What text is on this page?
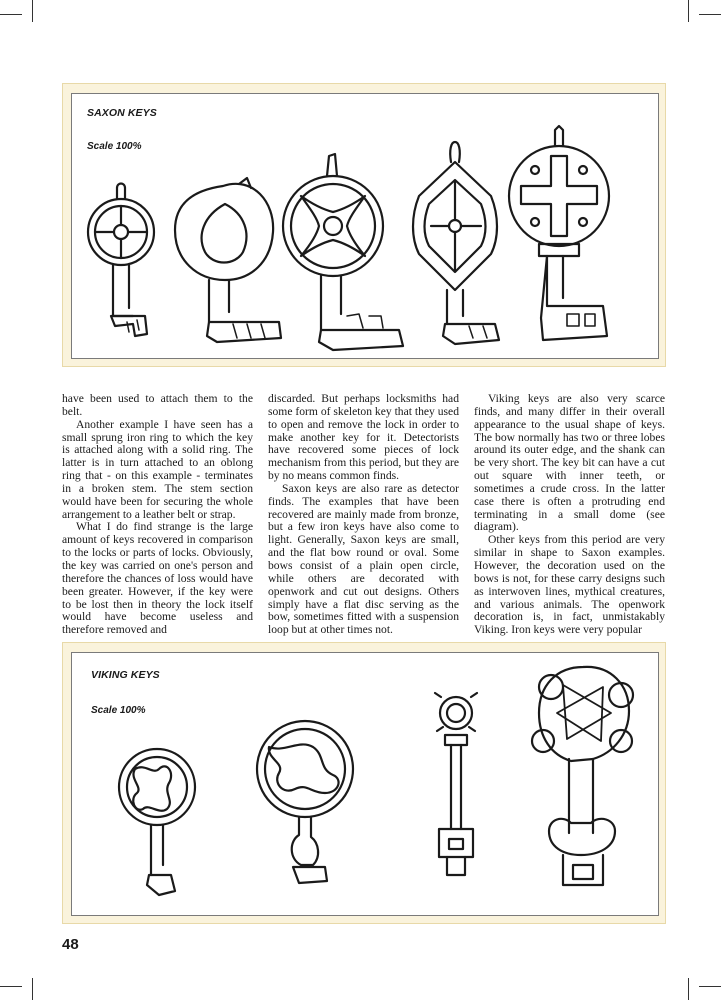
SAXON KEYS
Scale 100%

have been used to attach them to the belt.

Another example I have seen has a small sprung iron ring to which the key is attached along with a solid ring. The latter is in turn attached to an oblong ring that - on this example - terminates in a broken stem. The stem section would have been for securing the whole arrangement to a leather belt or strap.

What I do find strange is the large amount of keys recovered in comparison to the locks or parts of locks. Obviously, the key was carried on one's person and therefore the chances of loss would have been greater. However, if the key were to be lost then in theory the lock itself would have become useless and therefore removed and

discarded. But perhaps locksmiths had some form of skeleton key that they used to open and remove the lock in order to make another key for it. Detectorists have recovered some pieces of lock mechanism from this period, but they are by no means common finds.

Saxon keys are also rare as detector finds. The examples that have been recovered are mainly made from bronze, but a few iron keys have also come to light. Generally, Saxon keys are small, and the flat bow round or oval. Some bows consist of a plain open circle, while others are decorated with openwork and cut out designs. Others simply have a flat disc serving as the bow, sometimes fitted with a suspension loop but at other times not.

Viking keys are also very scarce finds, and many differ in their overall appearance to the usual shape of keys. The bow normally has two or three lobes around its outer edge, and the shank can be very short. The key bit can have a cut out square with inner teeth, or sometimes a crude cross. In the latter case there is often a protruding end terminating in a small dome (see diagram).

Other keys from this period are very similar in shape to Saxon examples. However, the decoration used on the bows is not, for these carry designs such as interwoven lines, mythical creatures, and various animals. The openwork decoration is, in fact, unmistakably Viking. Iron keys were very popular

VIKING KEYS
Scale 100%
48
